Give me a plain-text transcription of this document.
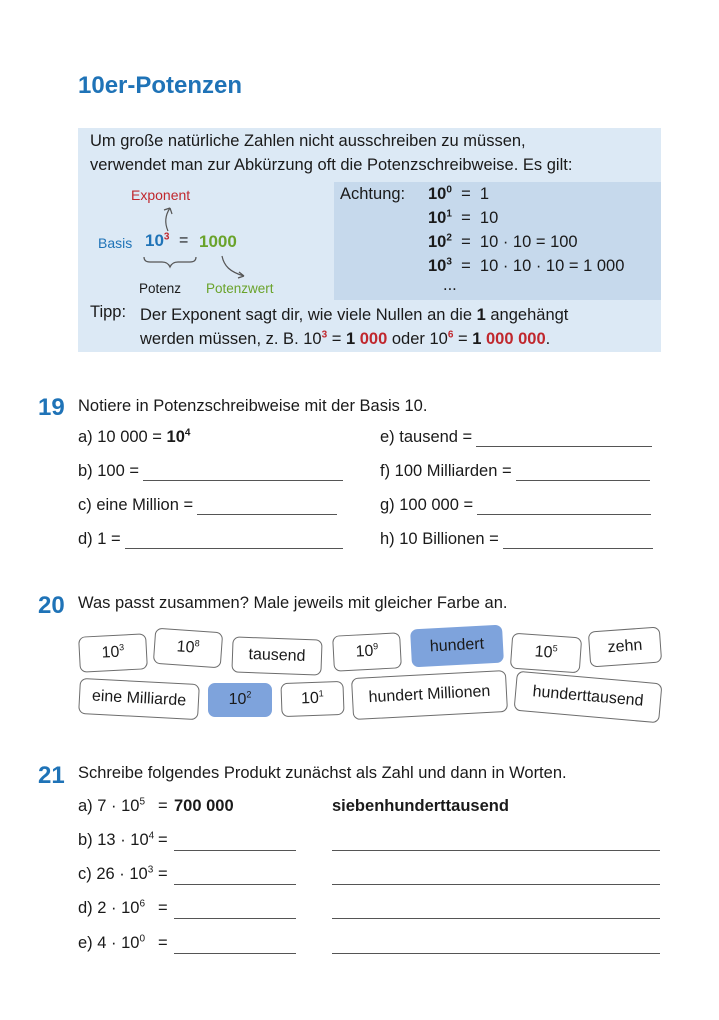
10er-Potenzen
Um große natürliche Zahlen nicht ausschreiben zu müssen,
verwendet man zur Abkürzung oft die Potenzschreibweise. Es gilt:
Exponent
Basis $10^3 = 1000$
Potenz Potenzwert
Achtung: $10^0 = 1$
$10^1 = 10$
$10^2 = 10 \cdot 10 = 100$
$10^3 = 10 \cdot 10 \cdot 10 = 1$ 000
...
Tipp: Der Exponent sagt dir, wie viele Nullen an die 1 angehängt
werden müssen, z. B. $10^3 = 1$ 000 oder $10^6 = 1$ 000 000.
19 Notiere in Potenzschreibweise mit der Basis 10.
a) 10 $000 = 10^4$
b) 100 =
c) eine Million =
d) 1 =
e) tausend =
f) 100 Milliarden =
g) 100 000 =
h) 10 Billionen =
20 Was passt zusammen? Male jeweils mit gleicher Farbe an.
$10^3$	$10^8$
tausend	$10^9$	hundert	$10^5$	zehn
eine Milliarde	$10^2$	$10^1$	hundert Millionen	hunderttausend
21 Schreibe folgendes Produkt zunächst als Zahl und dann in Worten.
a) $7 \cdot 10^5 = 700$ 000	siebenhunderttausend
b) $13 \cdot 10^4$ =
c) $26 \cdot 10^3$ =
d) $2 \cdot 10^6$ =
e) $4 \cdot 10^0$ =
